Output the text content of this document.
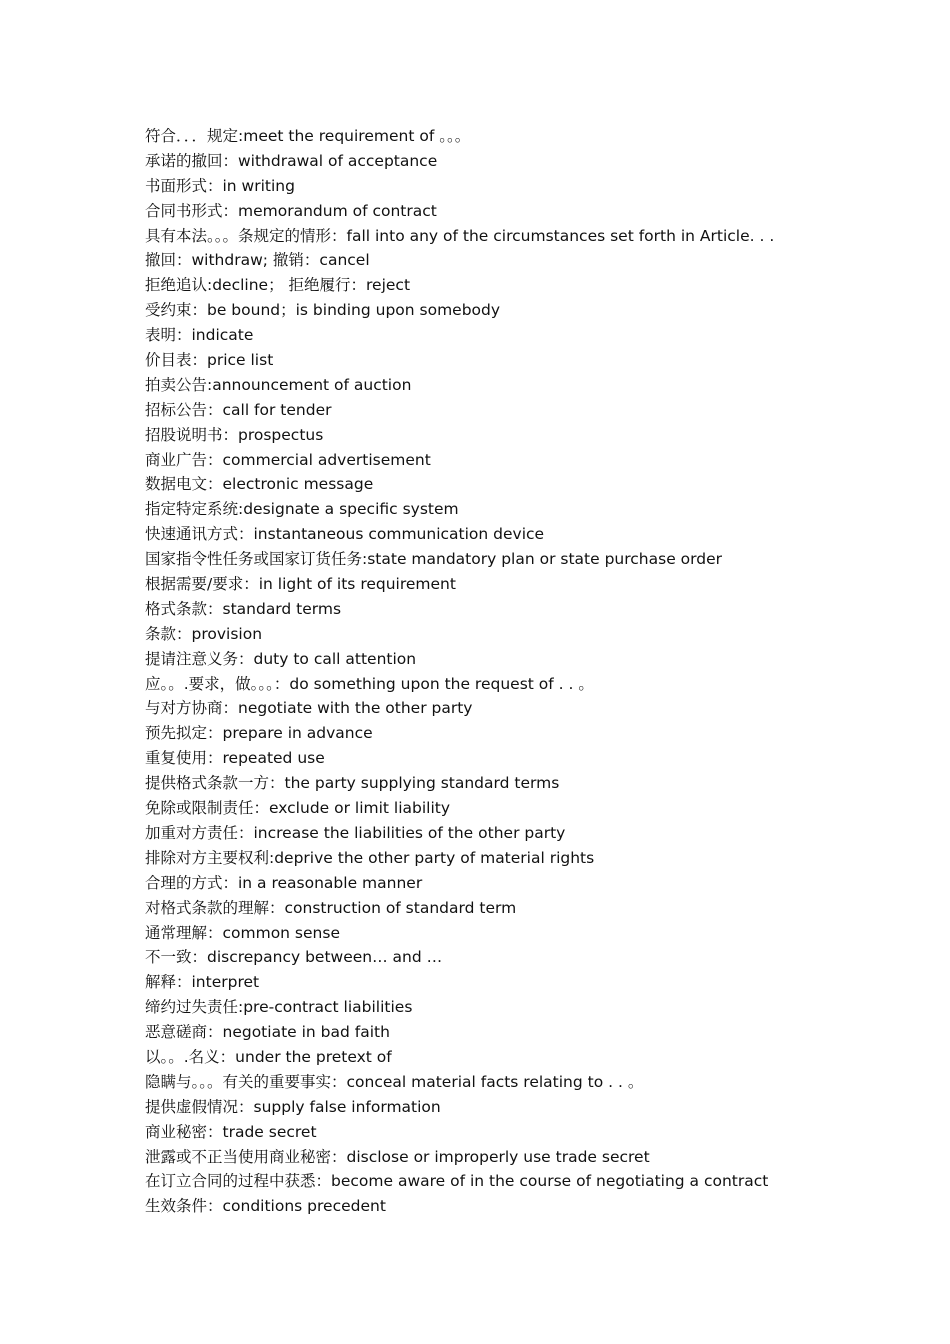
符合．．．规定:meet the requirement of 。。。
承诺的撤回：withdrawal of acceptance
书面形式：in writing
合同书形式：memorandum of contract
具有本法。。。条规定的情形：fall into any of the circumstances set forth in Article. . .
撤回：withdraw; 撤销：cancel
拒绝追认:decline； 拒绝履行：reject
受约束：be bound；is binding upon somebody
表明：indicate
价目表：price list
拍卖公告:announcement of auction
招标公告：call for tender
招股说明书：prospectus
商业广告：commercial advertisement
数据电文：electronic message
指定特定系统:designate a specific system
快速通讯方式：instantaneous communication device
国家指令性任务或国家订货任务:state mandatory plan or state purchase order
根据需要/要求：in light of its requirement
格式条款：standard terms
条款：provision
提请注意义务：duty to call attention
应。。.要求，做。。。：do something upon the request of . . 。
与对方协商：negotiate with the other party
预先拟定：prepare in advance
重复使用：repeated use
提供格式条款一方：the party supplying standard terms
免除或限制责任：exclude or limit liability
加重对方责任：increase the liabilities of the other party
排除对方主要权利:deprive the other party of material rights
合理的方式：in a reasonable manner
对格式条款的理解：construction of standard term
通常理解：common sense
不一致：discrepancy between… and …
解释：interpret
缔约过失责任:pre-contract liabilities
恶意磋商：negotiate in bad faith
以。。.名义：under the pretext of
隐瞒与。。。有关的重要事实：conceal material facts relating to . . 。
提供虚假情况：supply false information
商业秘密：trade secret
泄露或不正当使用商业秘密：disclose or improperly use trade secret
在订立合同的过程中获悉：become aware of in the course of negotiating a contract
生效条件：conditions precedent
